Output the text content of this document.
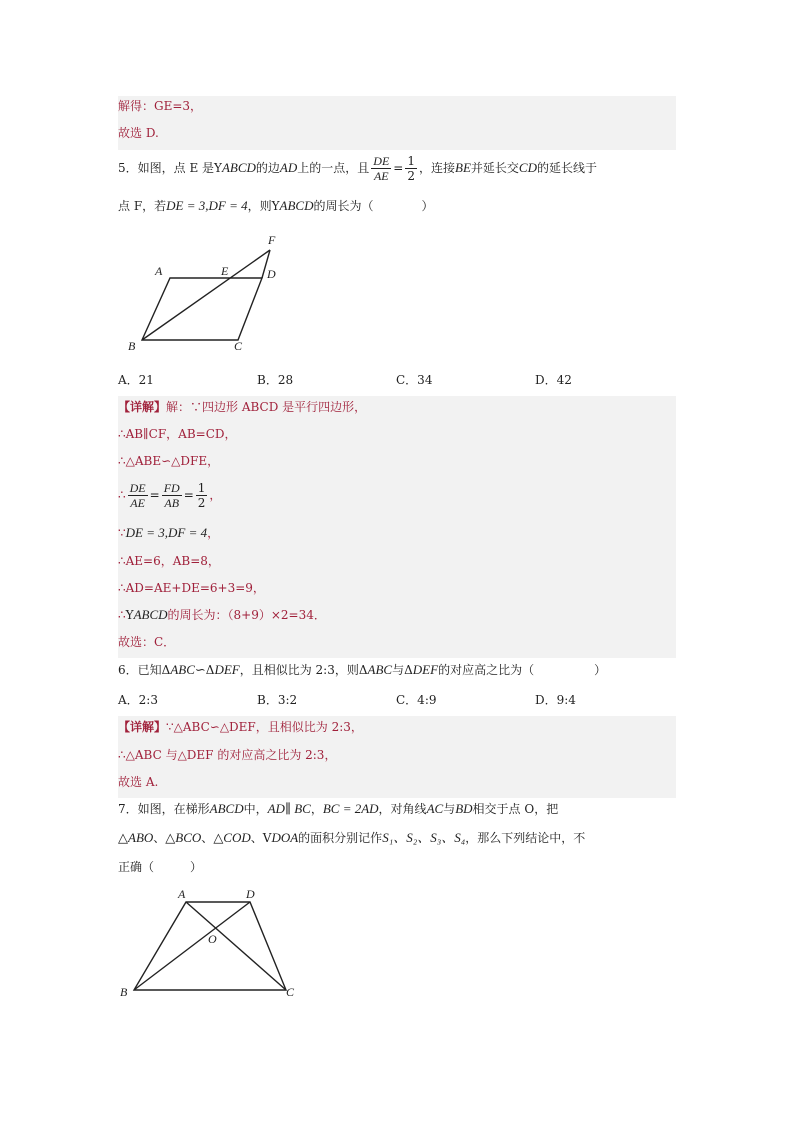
解得：GE=3，
故选 D.
5．如图，点 E 是YABCD的边AD上的一点，且 $\frac{DE}{AE} = \frac{1}{2}$ ，连接BE并延长交CD的延长线于
点 F，若DE = 3,DF = 4，则YABCD的周长为（　　　　）
A	E	D
F
B	C
A．21	B．28	C．34	D．42
【详解】解：∵四边形 ABCD 是平行四边形，
∴AB∥CF，AB=CD，
∴△ABE∽△DFE，
∴ $\frac{DE}{AE} = \frac{FD}{AB} = \frac{1}{2}$ ，
∵DE = 3,DF = 4，
∴AE=6，AB=8，
∴AD=AE+DE=6+3=9，
∴YABCD的周长为：（8+9）×2=34．
故选：C．
6．已知ΔABC∽ΔDEF，且相似比为 2:3，则ΔABC与ΔDEF的对应高之比为（　　　　　）
A．2:3	B．3:2	C．4:9	D．9:4
【详解】∵△ABC∽△DEF，且相似比为 2:3，
∴△ABC 与△DEF 的对应高之比为 2:3，
故选 A.
7．如图，在梯形ABCD中，AD∥ BC，BC = 2AD，对角线AC与BD相交于点 O，把
△ABO、△BCO、△COD、VDOA的面积分别记作S₁、S₂、S₃、S₄，那么下列结论中，不
正确（　　　）
A	D
O
B	C
